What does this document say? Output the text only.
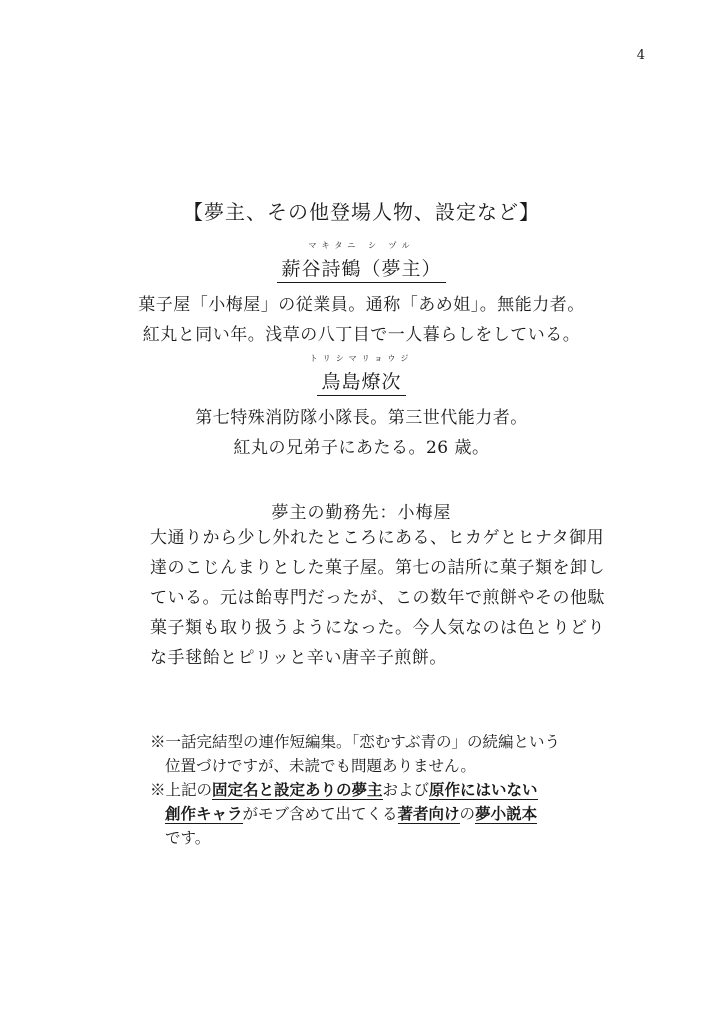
4
【夢主、その他登場人物、設定など】
マキタニ シ ヅル
薪谷詩鶴（夢主）
菓子屋「小梅屋」の従業員。通称「あめ姐」。無能力者。
紅丸と同い年。浅草の八丁目で一人暮らしをしている。
トリシマリョウジ
鳥島燎次
第七特殊消防隊小隊長。第三世代能力者。
紅丸の兄弟子にあたる。26 歳。
夢主の勤務先：小梅屋
大通りから少し外れたところにある、ヒカゲとヒナタ御用
達のこじんまりとした菓子屋。第七の詰所に菓子類を卸し
ている。元は飴専門だったが、この数年で煎餅やその他駄
菓子類も取り扱うようになった。今人気なのは色とりどり
な手毬飴とピリッと辛い唐辛子煎餅。
※一話完結型の連作短編集。「恋むすぶ青の」の続編という
位置づけですが、未読でも問題ありません。
※上記の固定名と設定ありの夢主および原作にはいない
創作キャラがモブ含めて出てくる著者向けの夢小説本
です。
